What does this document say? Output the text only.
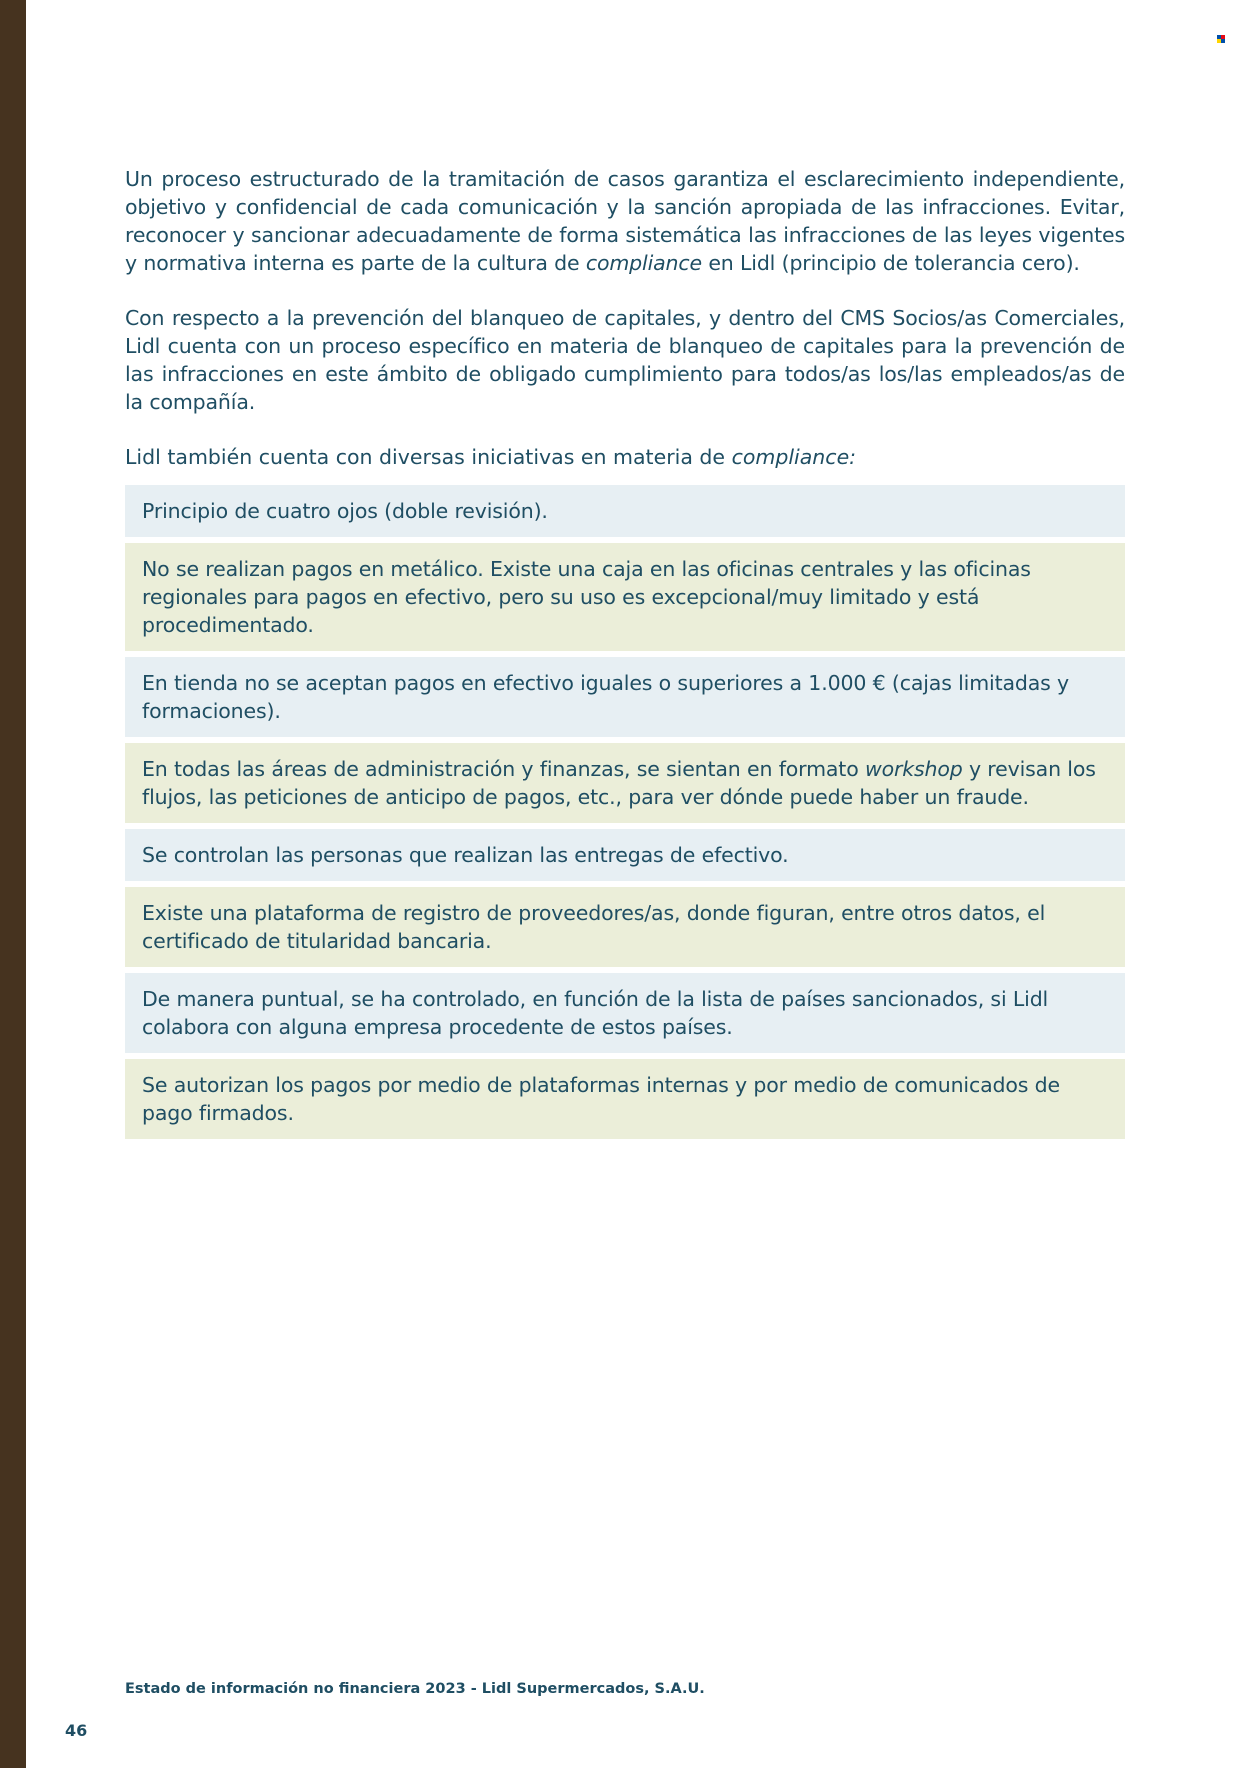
Un proceso estructurado de la tramitación de casos garantiza el esclarecimiento independiente, objetivo y confidencial de cada comunicación y la sanción apropiada de las infracciones. Evitar, reconocer y sancionar adecuadamente de forma sistemática las infracciones de las leyes vigentes y normativa interna es parte de la cultura de compliance en Lidl (principio de tolerancia cero).

Con respecto a la prevención del blanqueo de capitales, y dentro del CMS Socios/as Comerciales, Lidl cuenta con un proceso específico en materia de blanqueo de capitales para la prevención de las infracciones en este ámbito de obligado cumplimiento para todos/as los/las empleados/as de la compañía.

Lidl también cuenta con diversas iniciativas en materia de compliance:

Principio de cuatro ojos (doble revisión).
No se realizan pagos en metálico. Existe una caja en las oficinas centrales y las oficinas regionales para pagos en efectivo, pero su uso es excepcional/muy limitado y está procedimentado.
En tienda no se aceptan pagos en efectivo iguales o superiores a 1.000 € (cajas limitadas y formaciones).
En todas las áreas de administración y finanzas, se sientan en formato workshop y revisan los flujos, las peticiones de anticipo de pagos, etc., para ver dónde puede haber un fraude.
Se controlan las personas que realizan las entregas de efectivo.
Existe una plataforma de registro de proveedores/as, donde figuran, entre otros datos, el certificado de titularidad bancaria.
De manera puntual, se ha controlado, en función de la lista de países sancionados, si Lidl colabora con alguna empresa procedente de estos países.
Se autorizan los pagos por medio de plataformas internas y por medio de comunicados de pago firmados.
Estado de información no financiera 2023 - Lidl Supermercados, S.A.U.
46
